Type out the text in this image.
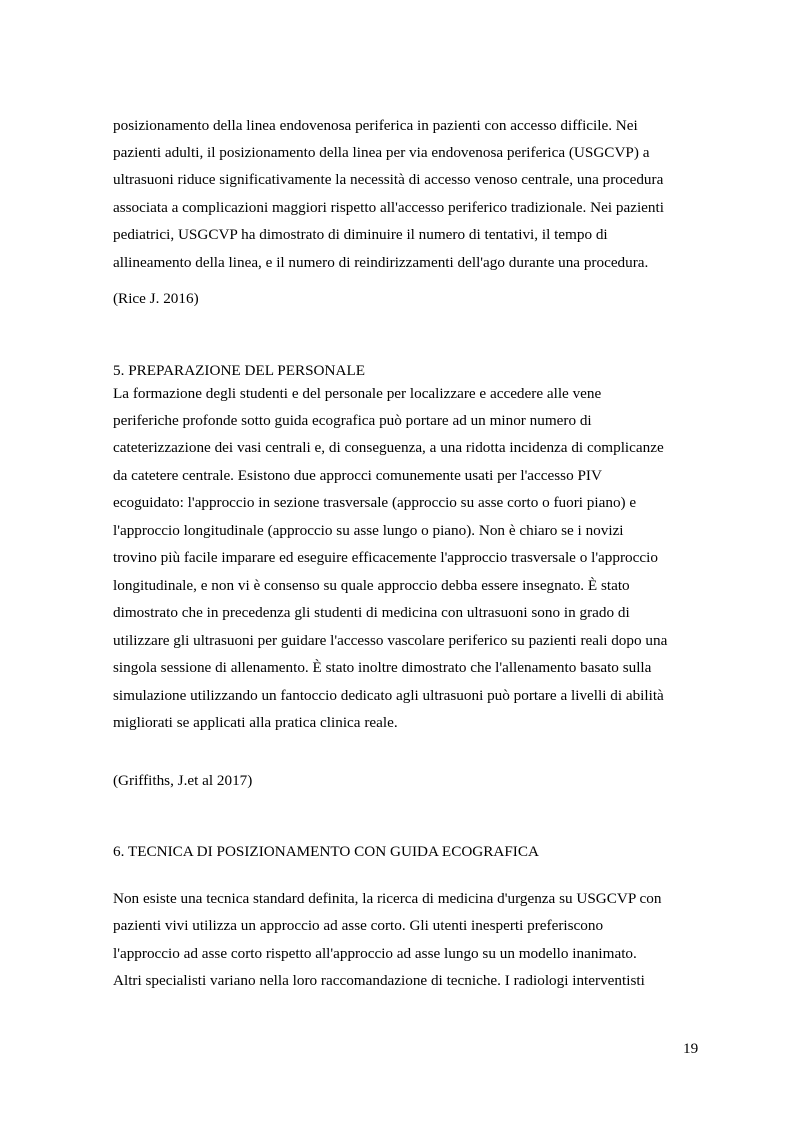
posizionamento della linea endovenosa periferica in pazienti con accesso difficile. Nei
pazienti adulti, il posizionamento della linea per via endovenosa periferica (USGCVP) a
ultrasuoni riduce significativamente la necessità di accesso venoso centrale, una procedura
associata a complicazioni maggiori rispetto all'accesso periferico tradizionale. Nei pazienti
pediatrici, USGCVP ha dimostrato di diminuire il numero di tentativi, il tempo di
allineamento della linea, e il numero di reindirizzamenti dell'ago durante una procedura.
(Rice J. 2016)
5. PREPARAZIONE DEL PERSONALE
La formazione degli studenti e del personale per localizzare e accedere alle vene
periferiche profonde sotto guida ecografica può portare ad un minor numero di
cateterizzazione dei vasi centrali e, di conseguenza, a una ridotta incidenza di complicanze
da catetere centrale. Esistono due approcci comunemente usati per l'accesso PIV
ecoguidato: l'approccio in sezione trasversale (approccio su asse corto o fuori piano) e
l'approccio longitudinale (approccio su asse lungo o piano). Non è chiaro se i novizi
trovino più facile imparare ed eseguire efficacemente l'approccio trasversale o l'approccio
longitudinale, e non vi è consenso su quale approccio debba essere insegnato. È stato
dimostrato che in precedenza gli studenti di medicina con ultrasuoni sono in grado di
utilizzare gli ultrasuoni per guidare l'accesso vascolare periferico su pazienti reali dopo una
singola sessione di allenamento. È stato inoltre dimostrato che l'allenamento basato sulla
simulazione utilizzando un fantoccio dedicato agli ultrasuoni può portare a livelli di abilità
migliorati se applicati alla pratica clinica reale.
(Griffiths, J.et al 2017)
6. TECNICA DI POSIZIONAMENTO CON GUIDA ECOGRAFICA
Non esiste una tecnica standard definita, la ricerca di medicina d'urgenza su USGCVP con
pazienti vivi utilizza un approccio ad asse corto. Gli utenti inesperti preferiscono
l'approccio ad asse corto rispetto all'approccio ad asse lungo su un modello inanimato.
Altri specialisti variano nella loro raccomandazione di tecniche. I radiologi interventisti
19
